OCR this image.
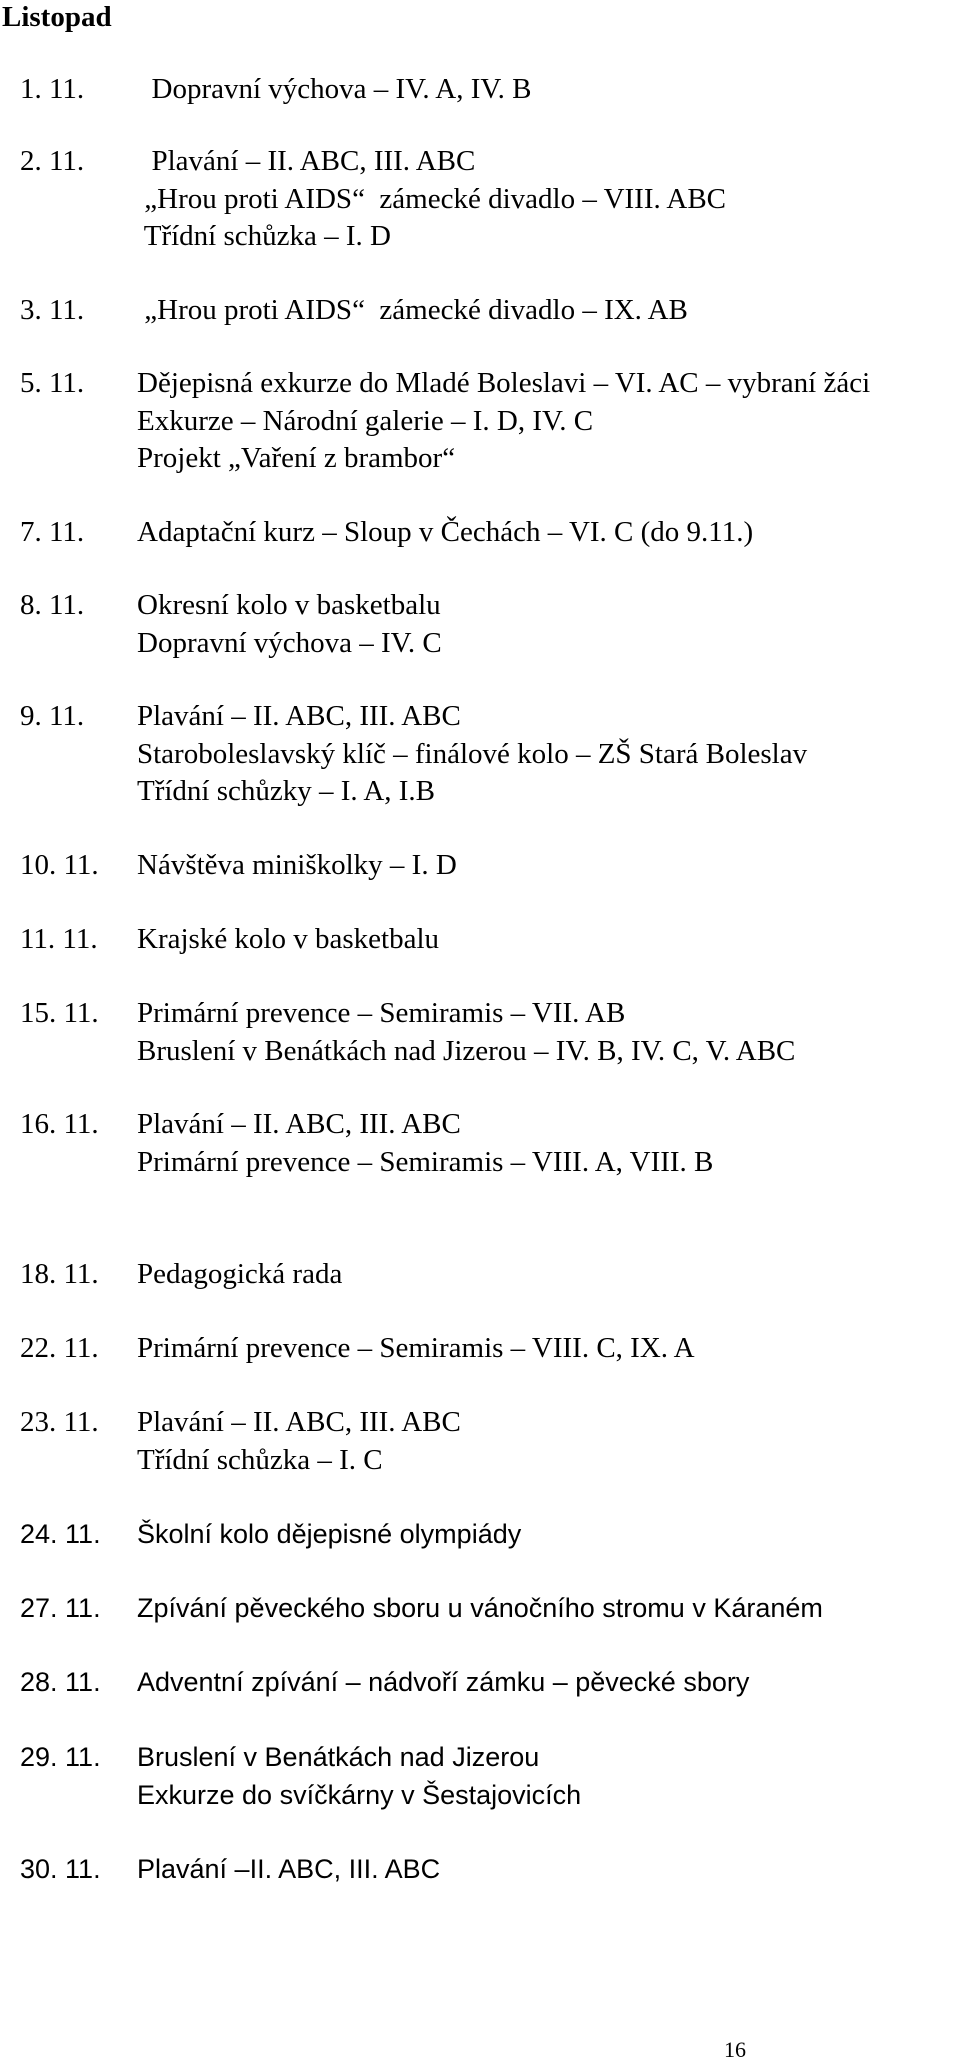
Listopad
1. 11. Dopravní výchova – IV. A, IV. B
2. 11. Plavání – II. ABC, III. ABC
„Hrou proti AIDS“  zámecké divadlo – VIII. ABC
Třídní schůzka – I. D
3. 11. „Hrou proti AIDS“  zámecké divadlo – IX. AB
5. 11. Dějepisná exkurze do Mladé Boleslavi – VI. AC – vybraní žáci
Exkurze – Národní galerie – I. D, IV. C
Projekt „Vaření z brambor“
7. 11. Adaptační kurz – Sloup v Čechách – VI. C (do 9.11.)
8. 11. Okresní kolo v basketbalu
Dopravní výchova – IV. C
9. 11. Plavání – II. ABC, III. ABC
Staroboleslavský klíč – finálové kolo – ZŠ Stará Boleslav
Třídní schůzky – I. A, I.B
10. 11. Návštěva miniškolky – I. D
11. 11. Krajské kolo v basketbalu
15. 11. Primární prevence – Semiramis – VII. AB
Bruslení v Benátkách nad Jizerou – IV. B, IV. C, V. ABC
16. 11. Plavání – II. ABC, III. ABC
Primární prevence – Semiramis – VIII. A, VIII. B
18. 11. Pedagogická rada
22. 11. Primární prevence – Semiramis – VIII. C, IX. A
23. 11. Plavání – II. ABC, III. ABC
Třídní schůzka – I. C
24. 11. Školní kolo dějepisné olympiády
27. 11. Zpívání pěveckého sboru u vánočního stromu v Káraném
28. 11. Adventní zpívání – nádvoří zámku – pěvecké sbory
29. 11. Bruslení v Benátkách nad Jizerou
Exkurze do svíčkárny v Šestajovicích
30. 11. Plavání –II. ABC, III. ABC
16
